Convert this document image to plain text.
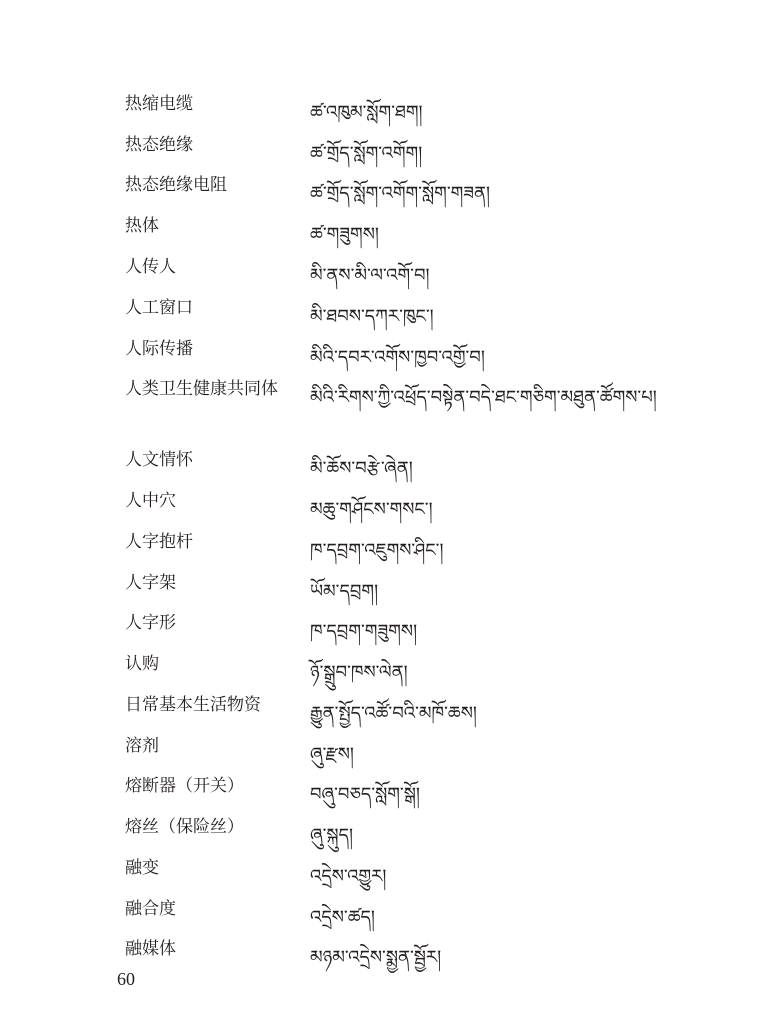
热缩电缆	ཚ་འཁུམ་སློག་ཐག།
热态绝缘	ཚ་གྲོད་སློག་འགོག།
热态绝缘电阻	ཚ་གྲོད་སློག་འགོག་སློག་གཟན།
热体	ཚ་གཟུགས།
人传人	མི་ནས་མི་ལ་འགོ་བ།
人工窗口	མི་ཐབས་དཀར་ཁུང་།
人际传播	མིའི་དབར་འགོས་ཁྱབ་འགྱོ་བ།
人类卫生健康共同体 མིའི་རིགས་ཀྱི་འཕྲོད་བསྟེན་བདེ་ཐང་གཅིག་མཐུན་ཚོགས་པ།
人文情怀	མི་ཆོས་བརྩེ་ཞེན།
人中穴	མཆུ་གཤོངས་གསང་།
人字抱杆	ཁ་དབྲག་འཇུགས་ཤིང་།
人字架	ཡོམ་དབྲག།
人字形	ཁ་དབྲག་གཟུགས།
认购	ཉོ་སྒྲུབ་ཁས་ལེན།
日常基本生活物资	རྒྱུན་སྤྱོད་འཚོ་བའི་མཁོ་ཆས།
溶剂	ཞུ་རྫས།
熔断器（开关）	བཞུ་བཅད་སློག་སྒོ།
熔丝（保险丝）	ཞུ་སྐུད།
融变	འདྲེས་འགྱུར།
融合度	འདྲེས་ཚད།
融媒体	མཉམ་འདྲེས་སྨྱན་སྦྱོར།
60
